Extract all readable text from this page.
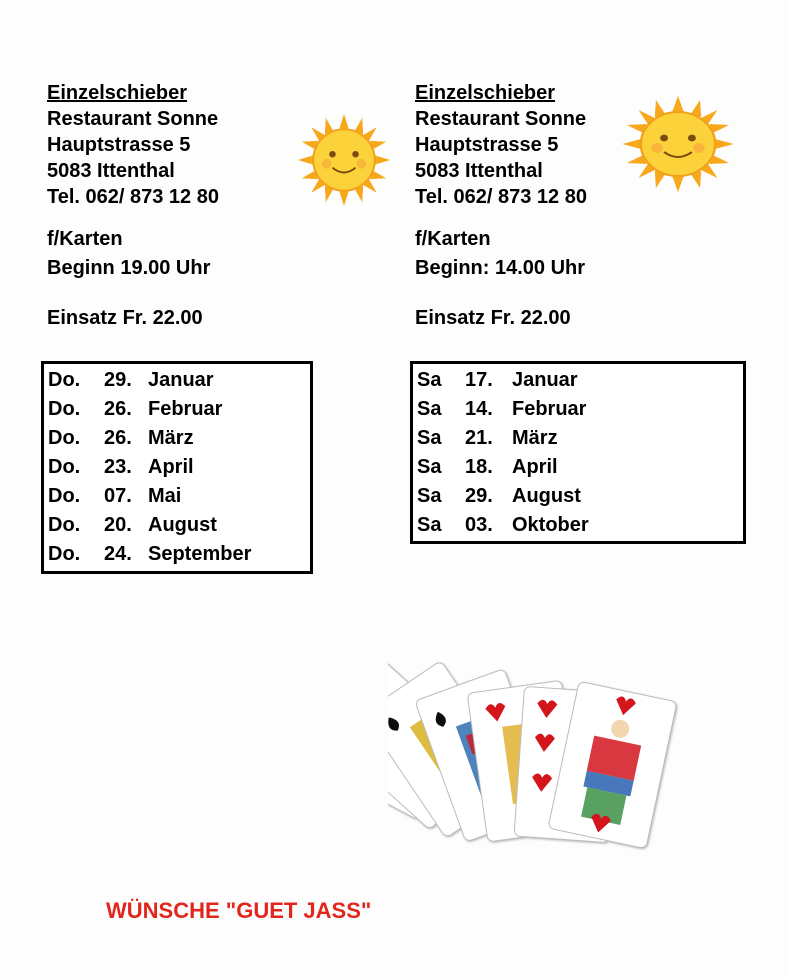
Einzelschieber
Restaurant Sonne
Hauptstrasse 5
5083 Ittenthal
Tel. 062/ 873 12 80
f/Karten
Beginn 19.00 Uhr
Einsatz Fr. 22.00
Do. 29. Januar
Do. 26. Februar
Do. 26. März
Do. 23. April
Do. 07. Mai
Do. 20. August
Do. 24. September
Einzelschieber
Restaurant Sonne
Hauptstrasse 5
5083 Ittenthal
Tel. 062/ 873 12 80
f/Karten
Beginn: 14.00 Uhr
Einsatz Fr. 22.00
Sa 17. Januar
Sa 14. Februar
Sa 21. März
Sa 18. April
Sa 29. August
Sa 03. Oktober
WÜNSCHE "GUET JASS"
